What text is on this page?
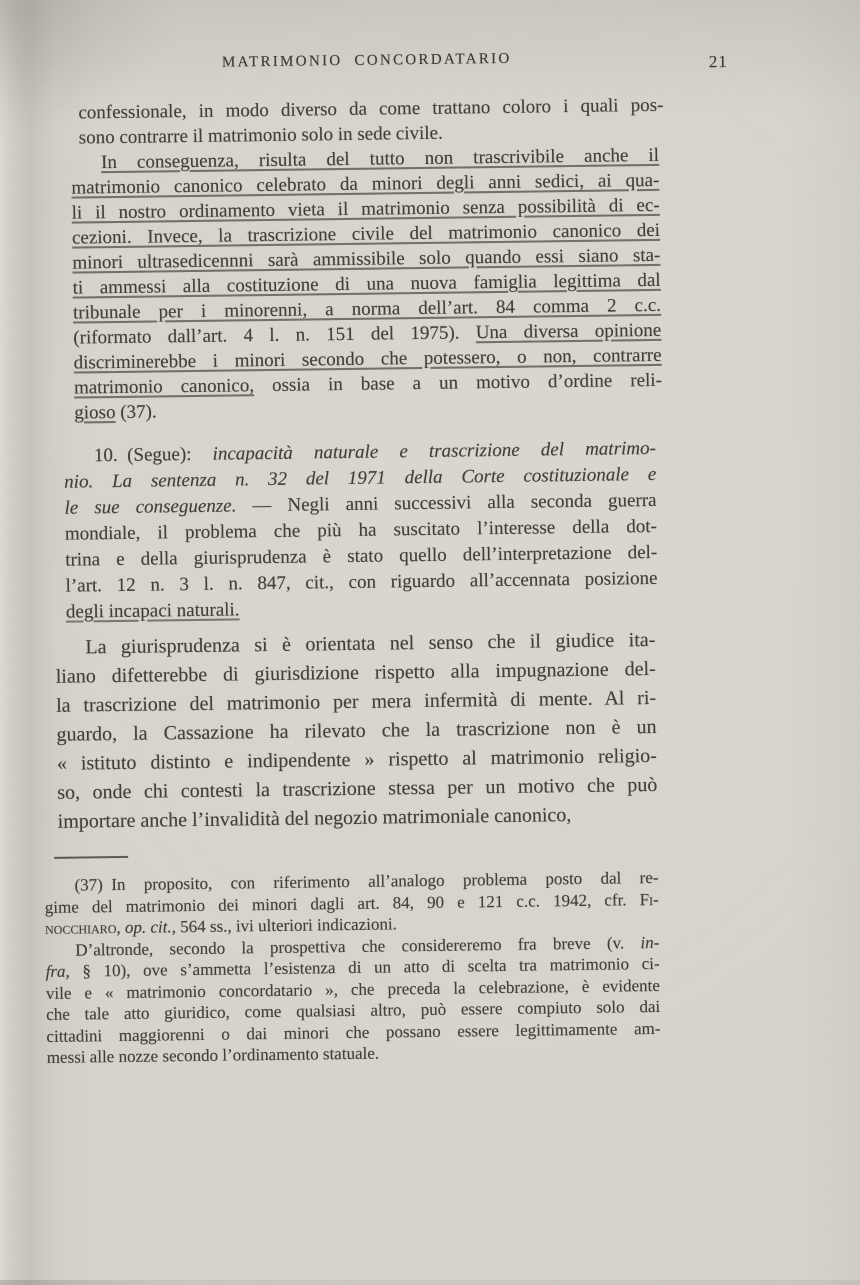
MATRIMONIO CONCORDATARIO	21
confessionale, in modo diverso da come trattano coloro i quali pos-
sono contrarre il matrimonio solo in sede civile.
In conseguenza, risulta del tutto non trascrivibile anche il
matrimonio canonico celebrato da minori degli anni sedici, ai qua-
li il nostro ordinamento vieta il matrimonio senza possibilità di ec-
cezioni. Invece, la trascrizione civile del matrimonio canonico dei
minori ultrasedicennni sarà ammissibile solo quando essi siano sta-
ti ammessi alla costituzione di una nuova famiglia legittima dal
tribunale per i minorenni, a norma dell’art. 84 comma 2 c.c.
(riformato dall’art. 4 l. n. 151 del 1975). Una diversa opinione
discriminerebbe i minori secondo che potessero, o non, contrarre
matrimonio canonico, ossia in base a un motivo d’ordine reli-
gioso (37).
10. (Segue): incapacità naturale e trascrizione del matrimo-
nio. La sentenza n. 32 del 1971 della Corte costituzionale e
le sue conseguenze. — Negli anni successivi alla seconda guerra
mondiale, il problema che più ha suscitato l’interesse della dot-
trina e della giurisprudenza è stato quello dell’interpretazione del-
l’art. 12 n. 3 l. n. 847, cit., con riguardo all’accennata posizione
degli incapaci naturali.
La giurisprudenza si è orientata nel senso che il giudice ita-
liano difetterebbe di giurisdizione rispetto alla impugnazione del-
la trascrizione del matrimonio per mera infermità di mente. Al ri-
guardo, la Cassazione ha rilevato che la trascrizione non è un
« istituto distinto e indipendente » rispetto al matrimonio religio-
so, onde chi contesti la trascrizione stessa per un motivo che può
importare anche l’invalidità del negozio matrimoniale canonico,
(37) In proposito, con riferimento all’analogo problema posto dal re-
gime del matrimonio dei minori dagli art. 84, 90 e 121 c.c. 1942, cfr. Fi-
nocchiaro, op. cit., 564 ss., ivi ulteriori indicazioni.
D’altronde, secondo la prospettiva che considereremo fra breve (v. in-
fra, § 10), ove s’ammetta l’esistenza di un atto di scelta tra matrimonio ci-
vile e « matrimonio concordatario », che preceda la celebrazione, è evidente
che tale atto giuridico, come qualsiasi altro, può essere compiuto solo dai
cittadini maggiorenni o dai minori che possano essere legittimamente am-
messi alle nozze secondo l’ordinamento statuale.
